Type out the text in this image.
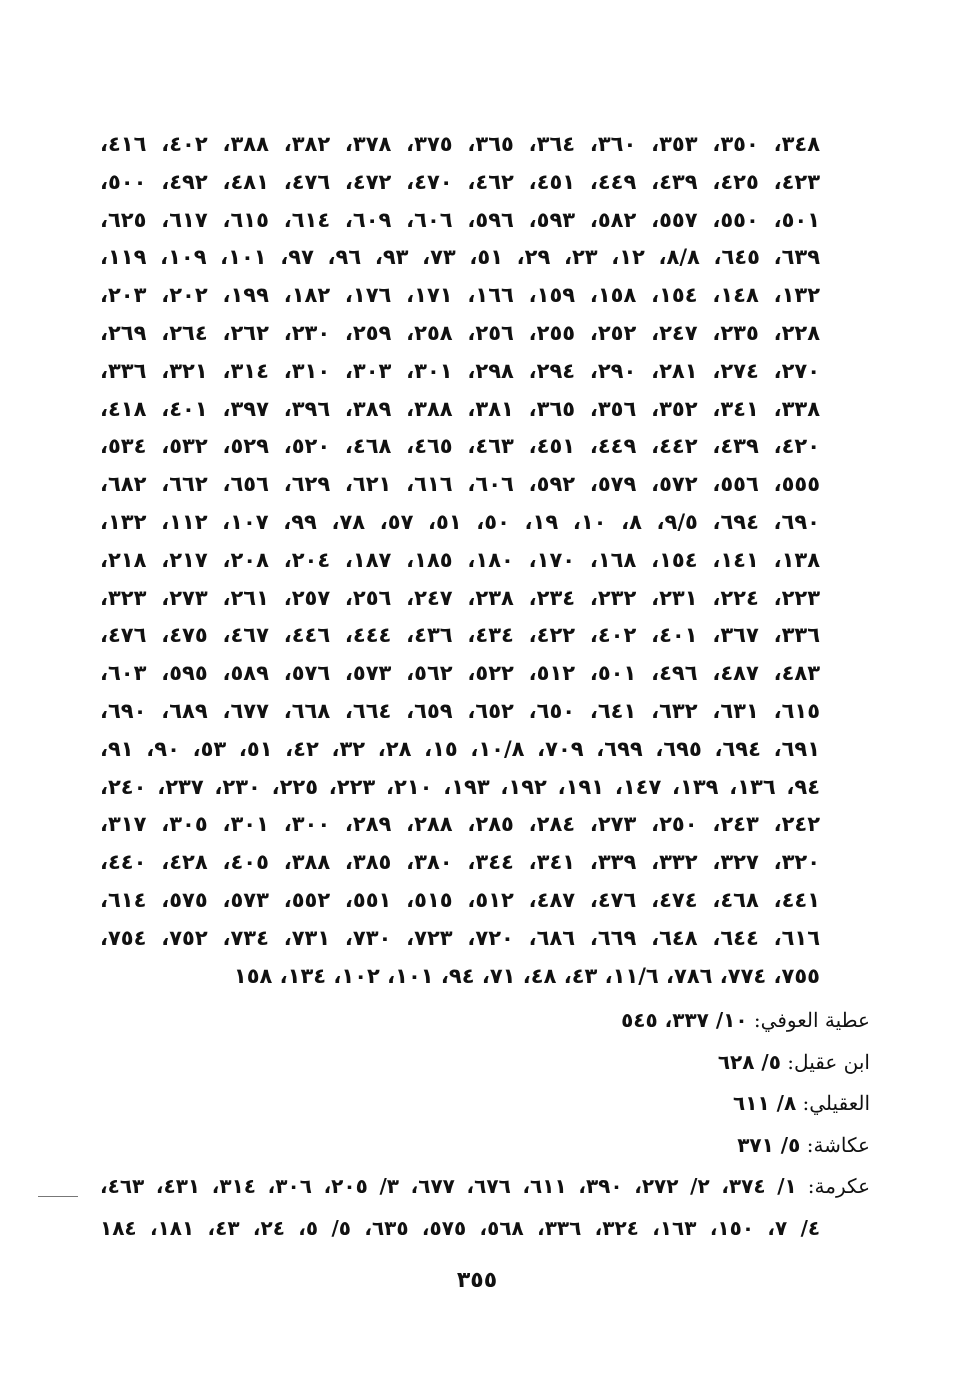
٣٤٨، ٣٥٠، ٣٥٣، ٣٦٠، ٣٦٤، ٣٦٥، ٣٧٥، ٣٧٨، ٣٨٢، ٣٨٨، ٤٠٢، ٤١٦،
٤٢٣، ٤٢٥، ٤٣٩، ٤٤٩، ٤٥١، ٤٦٢، ٤٧٠، ٤٧٢، ٤٧٦، ٤٨١، ٤٩٢، ٥٠٠،
٥٠١، ٥٥٠، ٥٥٧، ٥٨٢، ٥٩٣، ٥٩٦، ٦٠٦، ٦٠٩، ٦١٤، ٦١٥، ٦١٧، ٦٢٥،
٦٣٩، ٦٤٥، ٨/٨، ١٢، ٢٣، ٢٩، ٥١، ٧٣، ٩٣، ٩٦، ٩٧، ١٠١، ١٠٩، ١١٩،
١٣٢، ١٤٨، ١٥٤، ١٥٨، ١٥٩، ١٦٦، ١٧١، ١٧٦، ١٨٢، ١٩٩، ٢٠٢، ٢٠٣،
٢٢٨، ٢٣٥، ٢٤٧، ٢٥٢، ٢٥٥، ٢٥٦، ٢٥٨، ٢٥٩، ٢٣٠، ٢٦٢، ٢٦٤، ٢٦٩،
٢٧٠، ٢٧٤، ٢٨١، ٢٩٠، ٢٩٤، ٢٩٨، ٣٠١، ٣٠٣، ٣١٠، ٣١٤، ٣٢١، ٣٣٦،
٣٣٨، ٣٤١، ٣٥٢، ٣٥٦، ٣٦٥، ٣٨١، ٣٨٨، ٣٨٩، ٣٩٦، ٣٩٧، ٤٠١، ٤١٨،
٤٢٠، ٤٣٩، ٤٤٢، ٤٤٩، ٤٥١، ٤٦٣، ٤٦٥، ٤٦٨، ٥٢٠، ٥٢٩، ٥٣٢، ٥٣٤،
٥٥٥، ٥٥٦، ٥٧٢، ٥٧٩، ٥٩٢، ٦٠٦، ٦١٦، ٦٢١، ٦٢٩، ٦٥٦، ٦٦٢، ٦٨٢،
٦٩٠، ٦٩٤، ٩/٥، ٨، ١٠، ١٩، ٥٠، ٥١، ٥٧، ٧٨، ٩٩، ١٠٧، ١١٢، ١٣٢،
١٣٨، ١٤١، ١٥٤، ١٦٨، ١٧٠، ١٨٠، ١٨٥، ١٨٧، ٢٠٤، ٢٠٨، ٢١٧، ٢١٨،
٢٢٣، ٢٢٤، ٢٣١، ٢٣٢، ٢٣٤، ٢٣٨، ٢٤٧، ٢٥٦، ٢٥٧، ٢٦١، ٢٧٣، ٣٢٣،
٣٣٦، ٣٦٧، ٤٠١، ٤٠٢، ٤٢٢، ٤٣٤، ٤٣٦، ٤٤٤، ٤٤٦، ٤٦٧، ٤٧٥، ٤٧٦،
٤٨٣، ٤٨٧، ٤٩٦، ٥٠١، ٥١٢، ٥٢٢، ٥٦٢، ٥٧٣، ٥٧٦، ٥٨٩، ٥٩٥، ٦٠٣،
٦١٥، ٦٣١، ٦٣٢، ٦٤١، ٦٥٠، ٦٥٢، ٦٥٩، ٦٦٤، ٦٦٨، ٦٧٧، ٦٨٩، ٦٩٠،
٦٩١، ٦٩٤، ٦٩٥، ٦٩٩، ٧٠٩، ١٠/٨، ١٥، ٢٨، ٣٢، ٤٢، ٥١، ٥٣، ٩٠، ٩١،
٩٤، ١٣٦، ١٣٩، ١٤٧، ١٩١، ١٩٢، ١٩٣، ٢١٠، ٢٢٣، ٢٢٥، ٢٣٠، ٢٣٧، ٢٤٠،
٢٤٢، ٢٤٣، ٢٥٠، ٢٧٣، ٢٨٤، ٢٨٥، ٢٨٨، ٢٨٩، ٣٠٠، ٣٠١، ٣٠٥، ٣١٧،
٣٢٠، ٣٢٧، ٣٣٢، ٣٣٩، ٣٤١، ٣٤٤، ٣٨٠، ٣٨٥، ٣٨٨، ٤٠٥، ٤٢٨، ٤٤٠،
٤٤١، ٤٦٨، ٤٧٤، ٤٧٦، ٤٨٧، ٥١٢، ٥١٥، ٥٥١، ٥٥٢، ٥٧٣، ٥٧٥، ٦١٤،
٦١٦، ٦٤٤، ٦٤٨، ٦٦٩، ٦٨٦، ٧٢٠، ٧٢٣، ٧٣٠، ٧٣١، ٧٣٤، ٧٥٢، ٧٥٤،
٧٥٥، ٧٧٤، ٧٨٦، ١١/٦، ٤٣، ٤٨، ٧١، ٩٤، ١٠١، ١٠٢، ١٣٤، ١٥٨
عطية العوفي: ١٠/ ٣٣٧، ٥٤٥
ابن عقيل: ٥/ ٦٢٨
العقيلي: ٨/ ٦١١
عكاشة: ٥/ ٣٧١
عكرمة: ١/ ٣٧٤، ٢/ ٢٧٢، ٣٩٠، ٦١١، ٦٧٦، ٦٧٧، ٣/ ٢٠٥، ٣٠٦، ٣١٤، ٤٣١، ٤٦٣،
٤/ ٧، ١٥٠، ١٦٣، ٣٢٤، ٣٣٦، ٥٦٨، ٥٧٥، ٦٣٥، ٥/ ٥، ٢٤، ٤٣، ١٨١، ١٨٤
٣٥٥
